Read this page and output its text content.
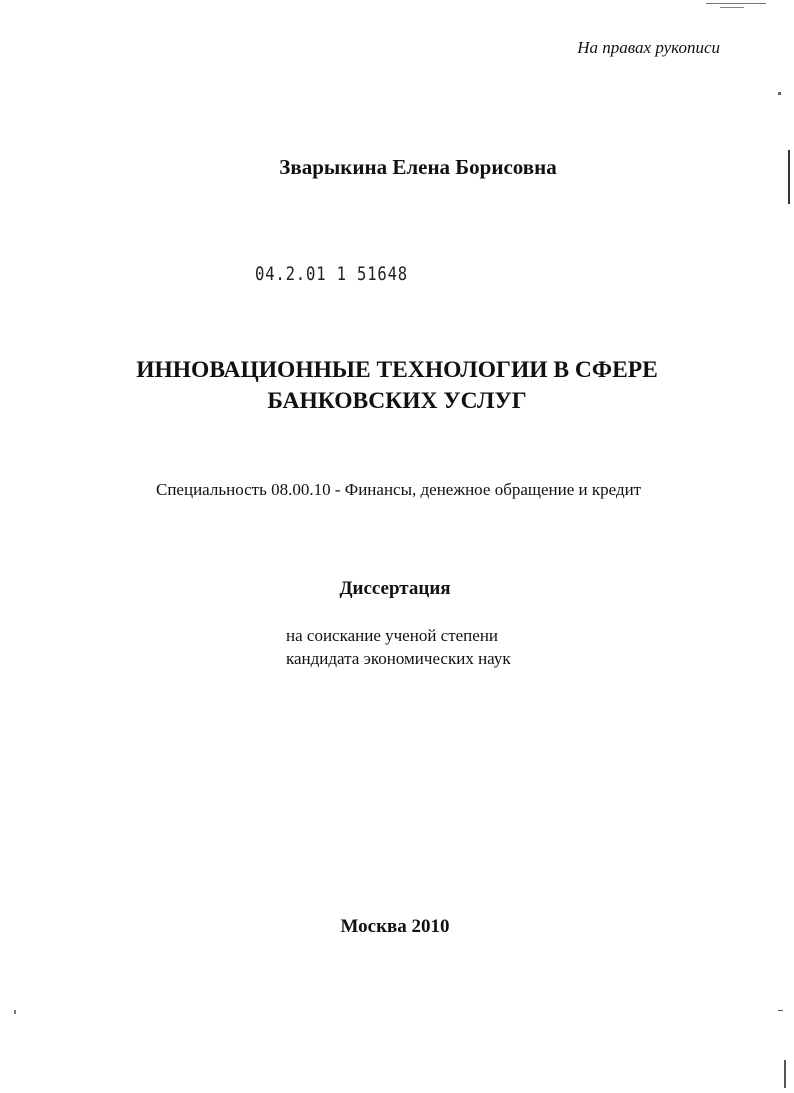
На правах рукописи
Зварыкина Елена Борисовна
04.2.01 1 51648
ИННОВАЦИОННЫЕ ТЕХНОЛОГИИ В СФЕРЕ
БАНКОВСКИХ УСЛУГ
Специальность 08.00.10 - Финансы, денежное обращение и кредит
Диссертация
на соискание ученой степени
кандидата экономических наук
Москва 2010
